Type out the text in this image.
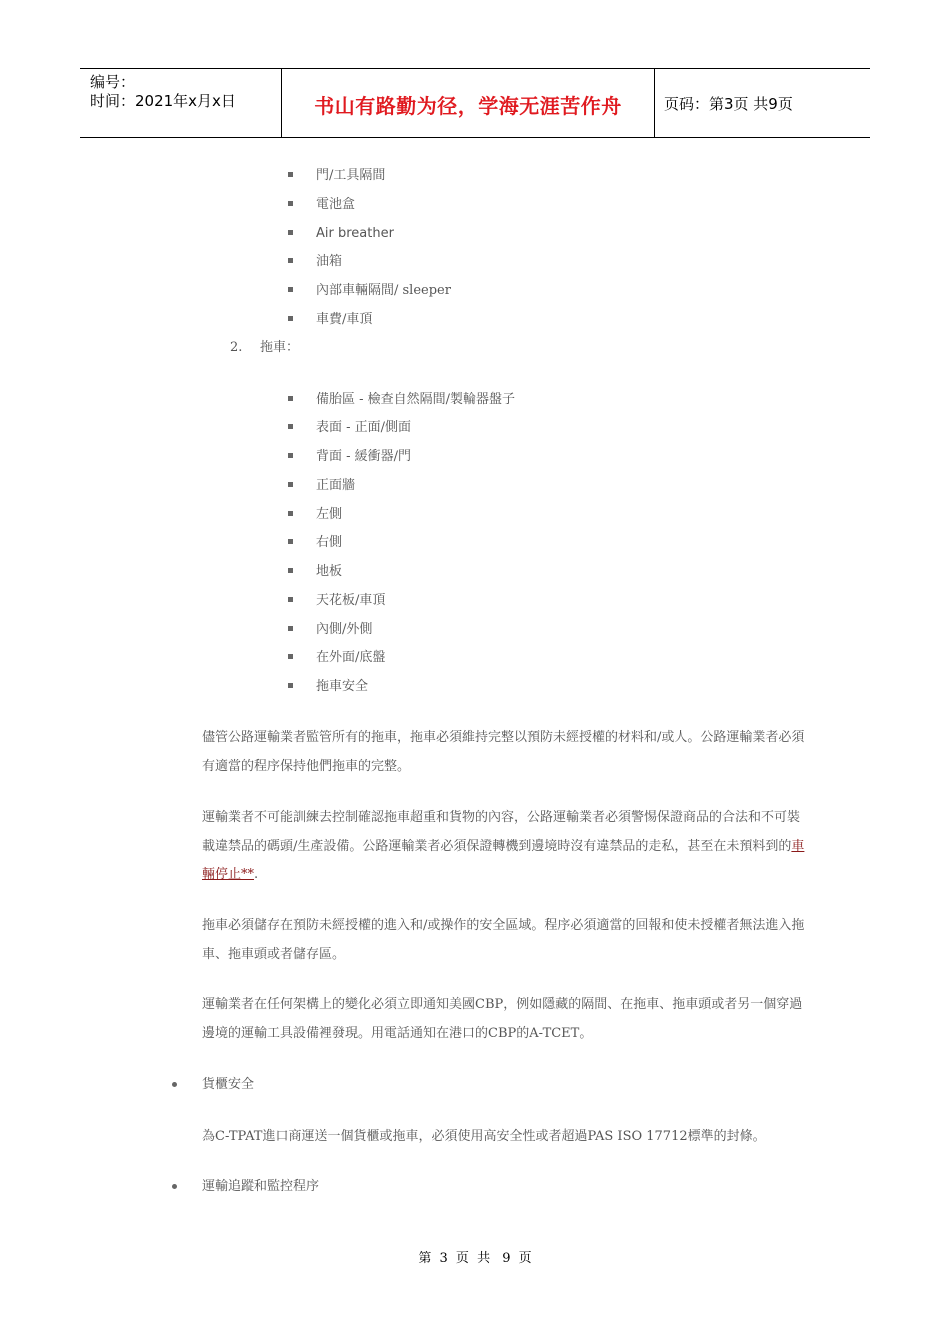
编号：
时间：2021年x月x日	书山有路勤为径，学海无涯苦作舟	页码：第3页 共9页
門/工具隔間
電池盒
Air breather
油箱
內部車輛隔間/ sleeper
車費/車頂
2. 拖車：
備胎區 - 檢查自然隔間/製輪器盤子
表面 - 正面/側面
背面 - 緩衝器/門
正面牆
左側
右側
地板
天花板/車頂
內側/外側
在外面/底盤
拖車安全
儘管公路運輸業者監管所有的拖車，拖車必須維持完整以預防未經授權的材料和/或人。公路運輸業者必須有適當的程序保持他們拖車的完整。
運輸業者不可能訓練去控制確認拖車超重和貨物的內容，公路運輸業者必須警惕保證商品的合法和不可裝載違禁品的碼頭/生產設備。公路運輸業者必須保證轉機到邊境時沒有違禁品的走私，甚至在未預料到的車輛停止**.
拖車必須儲存在預防未經授權的進入和/或操作的安全區域。程序必須適當的回報和使未授權者無法進入拖車、拖車頭或者儲存區。
運輸業者在任何架構上的變化必須立即通知美國CBP，例如隱藏的隔間、在拖車、拖車頭或者另一個穿過邊境的運輸工具設備裡發現。用電話通知在港口的CBP的A-TCET。
貨櫃安全
為C-TPAT進口商運送一個貨櫃或拖車，必須使用高安全性或者超過PAS ISO 17712標準的封條。
運輸追蹤和監控程序
第 3 页 共 9 页
